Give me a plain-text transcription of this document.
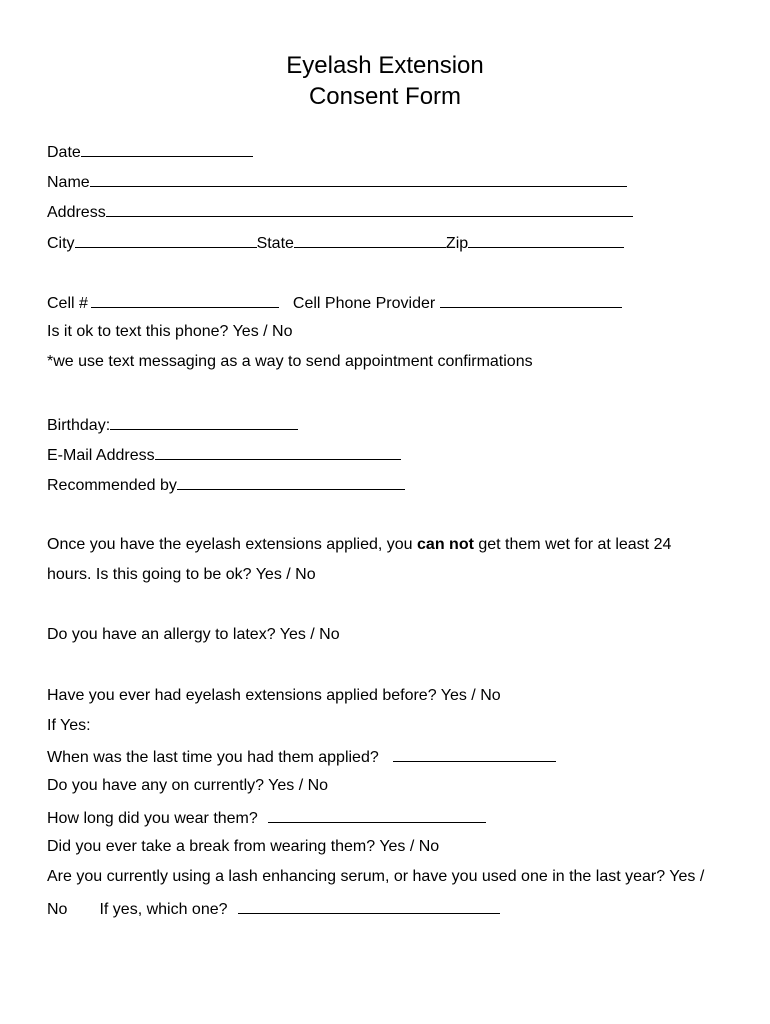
Eyelash Extension
Consent Form
Date
Name
Address
City	State	Zip
Cell #	Cell Phone Provider
Is it ok to text this phone? Yes / No
*we use text messaging as a way to send appointment confirmations
Birthday:
E-Mail Address
Recommended by
Once you have the eyelash extensions applied, you can not get them wet for at least 24
hours. Is this going to be ok? Yes / No
Do you have an allergy to latex? Yes / No
Have you ever had eyelash extensions applied before? Yes / No
If Yes:
When was the last time you had them applied?
Do you have any on currently? Yes / No
How long did you wear them?
Did you ever take a break from wearing them? Yes / No
Are you currently using a lash enhancing serum, or have you used one in the last year? Yes /
No If yes, which one?
